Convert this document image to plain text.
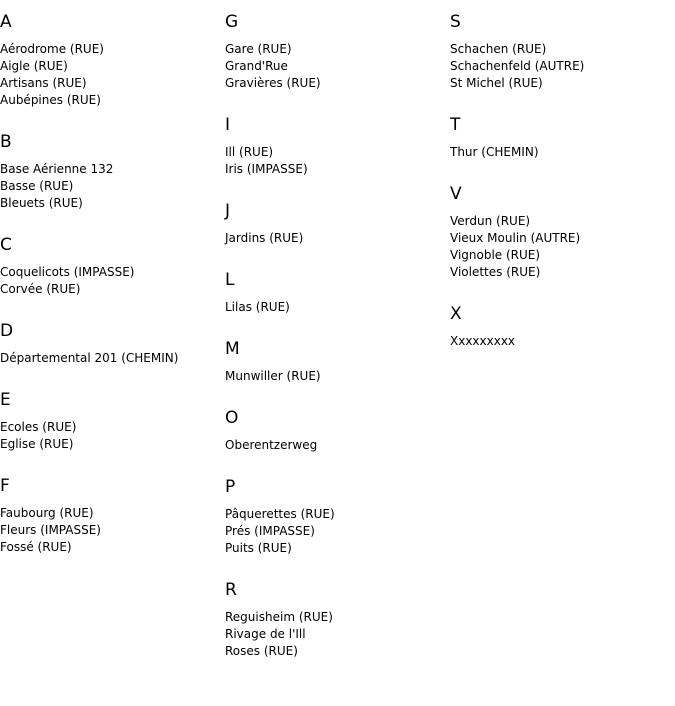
A
Aérodrome (RUE)
Aigle (RUE)
Artisans (RUE)
Aubépines (RUE)
B
Base Aérienne 132
Basse (RUE)
Bleuets (RUE)
C
Coquelicots (IMPASSE)
Corvée (RUE)
D
Départemental 201 (CHEMIN)
E
Ecoles (RUE)
Eglise (RUE)
F
Faubourg (RUE)
Fleurs (IMPASSE)
Fossé (RUE)
G
Gare (RUE)
Grand'Rue
Gravières (RUE)
I
Ill (RUE)
Iris (IMPASSE)
J
Jardins (RUE)
L
Lilas (RUE)
M
Munwiller (RUE)
O
Oberentzerweg
P
Pâquerettes (RUE)
Prés (IMPASSE)
Puits (RUE)
R
Reguisheim (RUE)
Rivage de l'Ill
Roses (RUE)
S
Schachen (RUE)
Schachenfeld (AUTRE)
St Michel (RUE)
T
Thur (CHEMIN)
V
Verdun (RUE)
Vieux Moulin (AUTRE)
Vignoble (RUE)
Violettes (RUE)
X
Xxxxxxxxx
